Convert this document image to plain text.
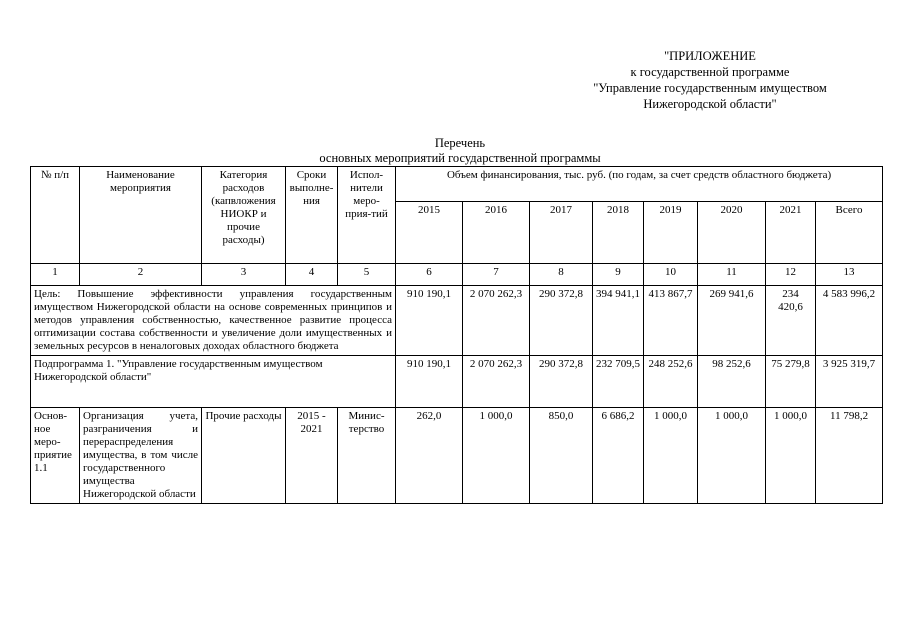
"ПРИЛОЖЕНИЕ
к государственной программе
"Управление государственным имуществом
Нижегородской области"
Перечень
основных мероприятий государственной программы
№ п/п	Наименование мероприятия	Категория расходов (капвложения НИОКР и прочие расходы)	Сроки выполне-ния	Испол-нители меро-прия-тий	Объем финансирования, тыс. руб. (по годам, за счет средств областного бюджета)							
					2015	2016	2017	2018	2019	2020	2021	Всего
1	2	3	4	5	6	7	8	9	10	11	12	13
Цель: Повышение эффективности управления государственным имуществом Нижегородской области на основе современных принципов и методов управления собственностью, качественное развитие процесса оптимизации состава собственности и увеличение доли имущественных и земельных ресурсов в неналоговых доходах областного бюджета					910 190,1	2 070 262,3	290 372,8	394 941,1	413 867,7	269 941,6	234 420,6	4 583 996,2
Подпрограмма 1. "Управление государственным имуществом Нижегородской области"					910 190,1	2 070 262,3	290 372,8	232 709,5	248 252,6	98 252,6	75 279,8	3 925 319,7
Основ-ное меро-приятие 1.1	Организация учета, разграничения и перераспределения имущества, в том числе государственного имущества Нижегородской области	Прочие расходы	2015 - 2021	Минис-терство	262,0	1 000,0	850,0	6 686,2	1 000,0	1 000,0	1 000,0	11 798,2
